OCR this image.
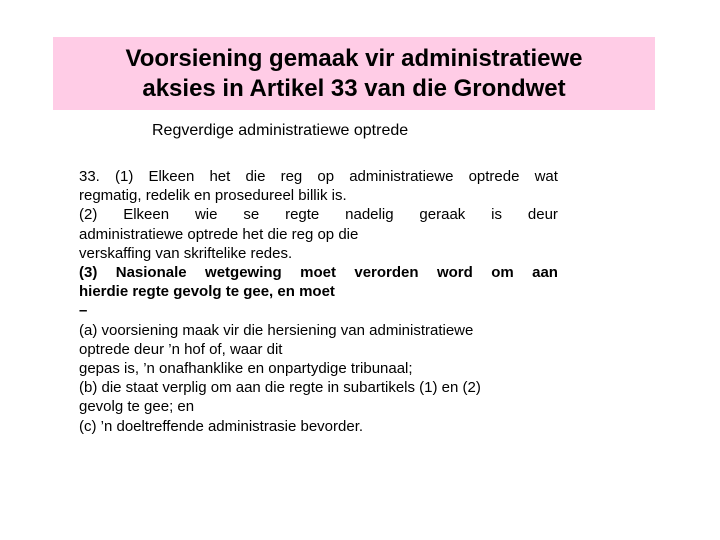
Voorsiening gemaak vir administratiewe
aksies in Artikel 33 van die Grondwet
Regverdige administratiewe optrede
33. (1) Elkeen het die reg op administratiewe optrede wat
regmatig, redelik en prosedureel billik is.
(2) Elkeen wie se regte nadelig geraak is deur
administratiewe optrede het die reg op die
verskaffing van skriftelike redes.
(3) Nasionale wetgewing moet verorden word om aan
hierdie regte gevolg te gee, en moet
–
(a) voorsiening maak vir die hersiening van administratiewe
optrede deur ’n hof of, waar dit
gepas is, ’n onafhanklike en onpartydige tribunaal;
(b) die staat verplig om aan die regte in subartikels (1) en (2)
gevolg te gee; en
(c) ’n doeltreffende administrasie bevorder.
